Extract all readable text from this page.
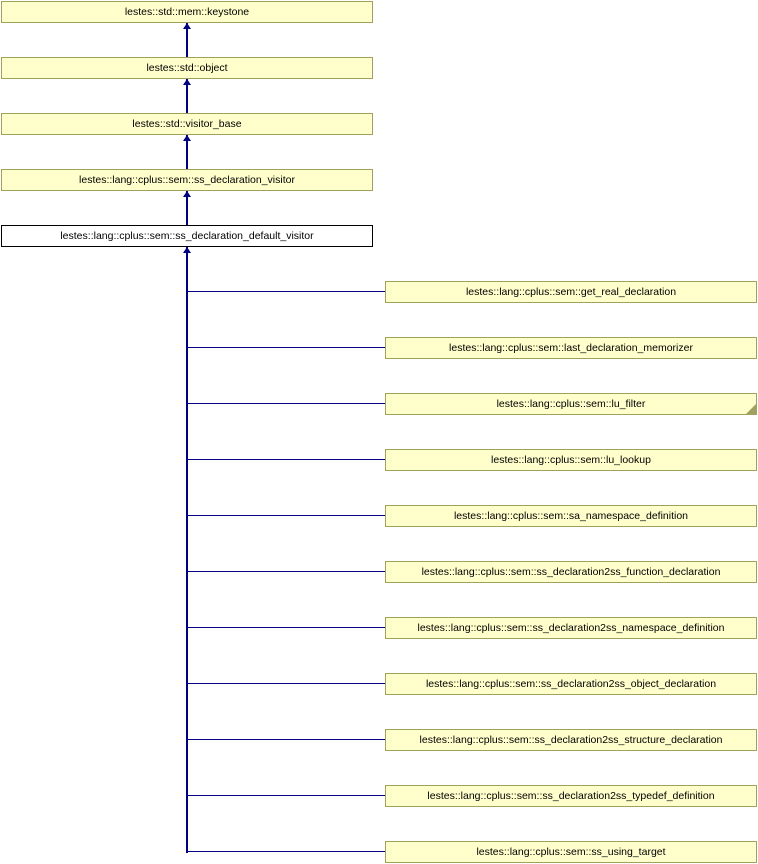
lestes::std::mem::keystone
lestes::std::object
lestes::std::visitor_base
lestes::lang::cplus::sem::ss_declaration_visitor
lestes::lang::cplus::sem::ss_declaration_default_visitor
lestes::lang::cplus::sem::get_real_declaration
lestes::lang::cplus::sem::last_declaration_memorizer
lestes::lang::cplus::sem::lu_filter
lestes::lang::cplus::sem::lu_lookup
lestes::lang::cplus::sem::sa_namespace_definition
lestes::lang::cplus::sem::ss_declaration2ss_function_declaration
lestes::lang::cplus::sem::ss_declaration2ss_namespace_definition
lestes::lang::cplus::sem::ss_declaration2ss_object_declaration
lestes::lang::cplus::sem::ss_declaration2ss_structure_declaration
lestes::lang::cplus::sem::ss_declaration2ss_typedef_definition
lestes::lang::cplus::sem::ss_using_target
